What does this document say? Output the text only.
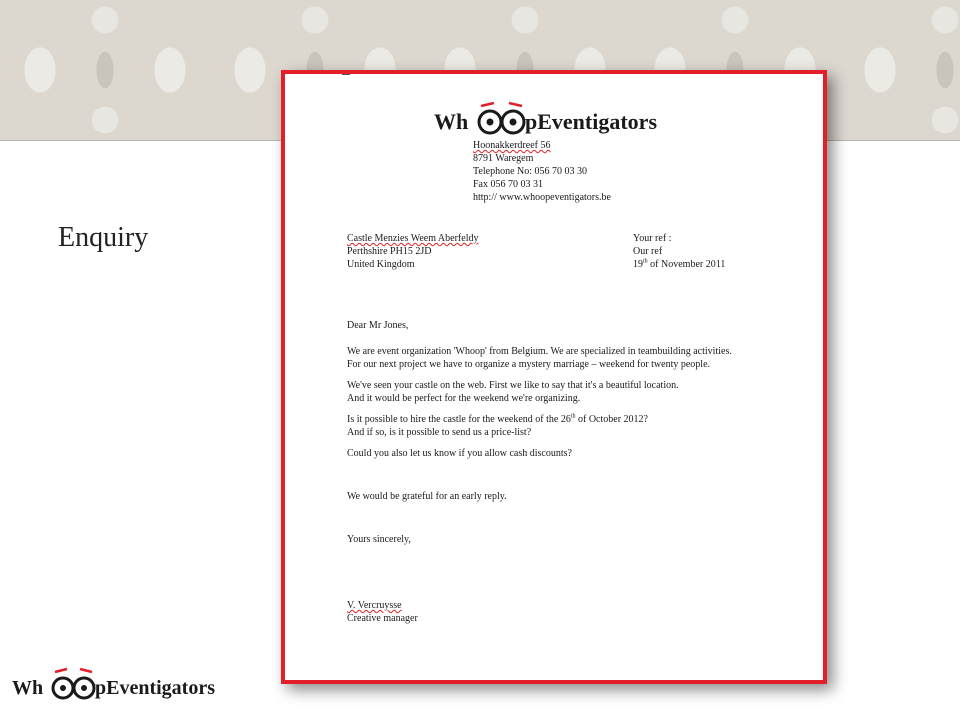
Enquiry
Wh	pEventigators
Hoonakkerdreef 56
8791 Waregem
Telephone No: 056 70 03 30
Fax 056 70 03 31
http:// www.whoopeventigators.be
Castle Menzies Weem Aberfeldy
Perthshire PH15 2JD
United Kingdom
Your ref :
Our ref
19th of November 2011

Dear Mr Jones,

We are event organization 'Whoop' from Belgium. We are specialized in teambuilding activities.

For our next project we have to organize a mystery marriage – weekend for twenty people.

We've seen your castle on the web. First we like to say that it's a beautiful location.

And it would be perfect for the weekend we're organizing.

Is it possible to hire the castle for the weekend of the 26th of October 2012?

And if so, is it possible to send us a price-list?

Could you also let us know if you allow cash discounts?

We would be grateful for an early reply.

Yours sincerely,

V. Vercruysse

Creative manager

Wh	pEventigators
